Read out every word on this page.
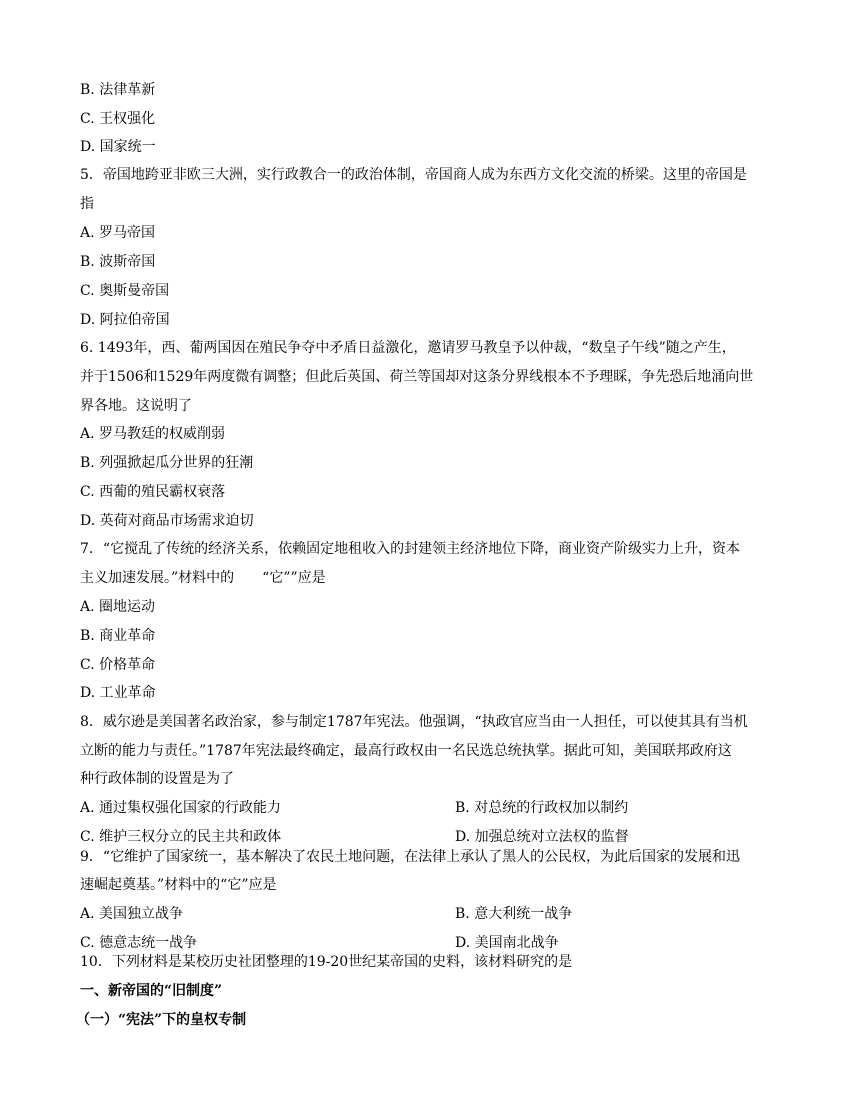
B. 法律革新
C. 王权强化
D. 国家统一
5．帝国地跨亚非欧三大洲，实行政教合一的政治体制，帝国商人成为东西方文化交流的桥梁。这里的帝国是
指
A. 罗马帝国
B. 波斯帝国
C. 奥斯曼帝国
D. 阿拉伯帝国
6. 1493年，西、葡两国因在殖民争夺中矛盾日益激化，邀请罗马教皇予以仲裁，“数皇子午线”随之产生，
并于1506和1529年两度微有调整；但此后英国、荷兰等国却对这条分界线根本不予理睬，争先恐后地涌向世
界各地。这说明了
A. 罗马教廷的权威削弱
B. 列强掀起瓜分世界的狂潮
C. 西葡的殖民霸权衰落
D. 英荷对商品市场需求迫切
7．“它搅乱了传统的经济关系，依赖固定地租收入的封建领主经济地位下降，商业资产阶级实力上升，资本
主义加速发展。”材料中的　　“它””应是
A. 圈地运动
B. 商业革命
C. 价格革命
D. 工业革命
8．威尔逊是美国著名政治家，参与制定1787年宪法。他强调，“执政官应当由一人担任，可以使其具有当机
立断的能力与责任。”1787年宪法最终确定，最高行政权由一名民选总统执掌。据此可知，美国联邦政府这
种行政体制的设置是为了
A. 通过集权强化国家的行政能力	B. 对总统的行政权加以制约
C. 维护三权分立的民主共和政体	D. 加强总统对立法权的监督
9．“它维护了国家统一，基本解决了农民土地问题，在法律上承认了黑人的公民权，为此后国家的发展和迅
速崛起奠基。”材料中的“它”应是
A. 美国独立战争	B. 意大利统一战争
C. 德意志统一战争	D. 美国南北战争
10．下列材料是某校历史社团整理的19-20世纪某帝国的史料，该材料研究的是
一、新帝国的“旧制度”
（一）“宪法”下的皇权专制
